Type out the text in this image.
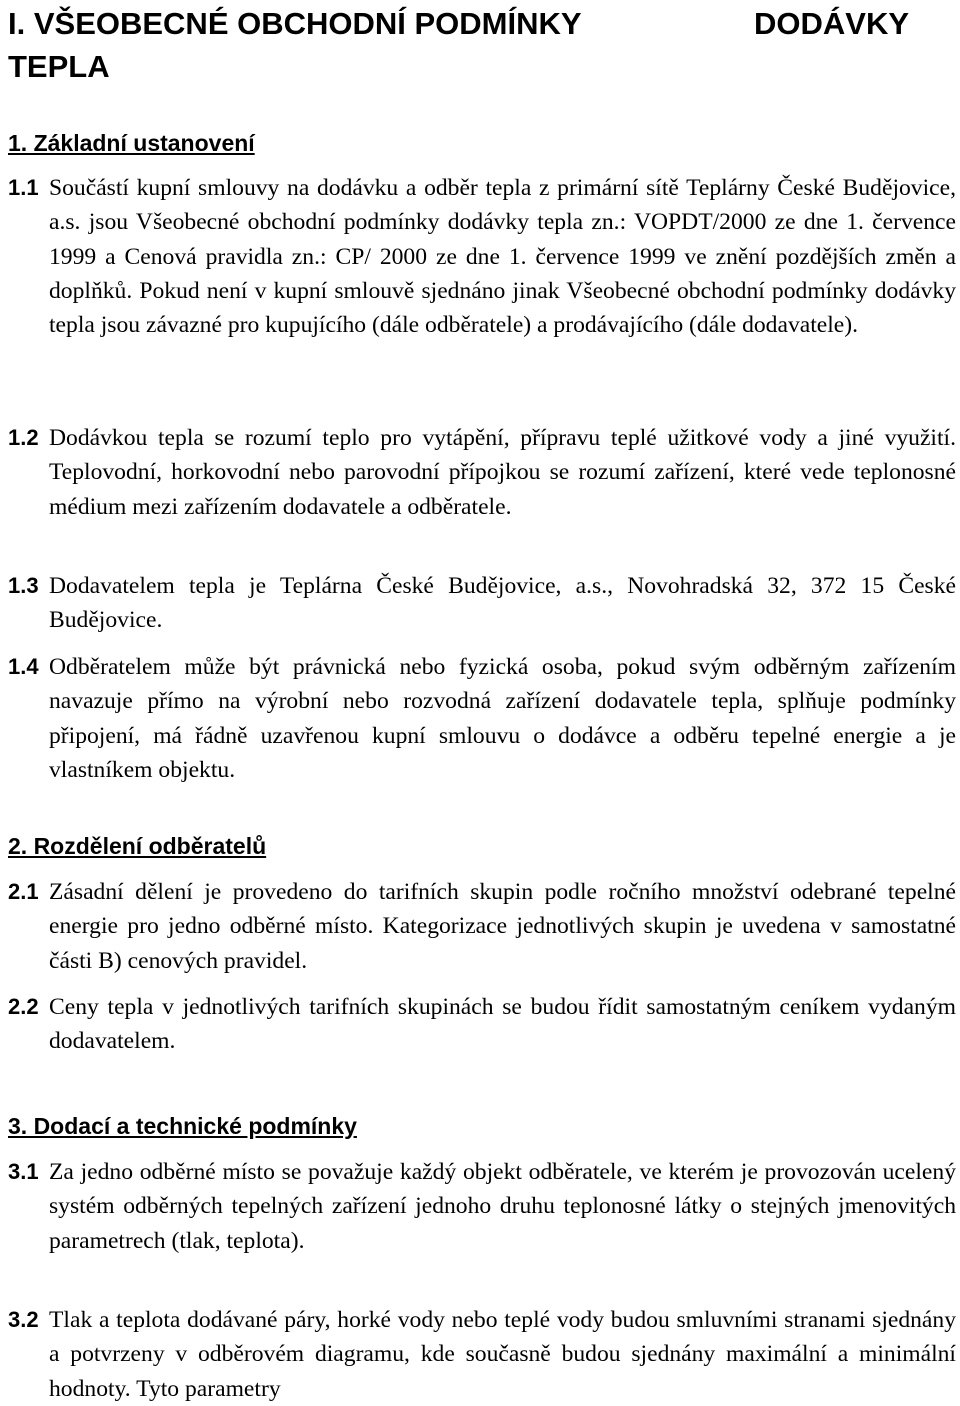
I. VŠEOBECNÉ OBCHODNÍ PODMÍNKY	DODÁVKY
TEPLA
1. Základní ustanovení
1.1 Součástí kupní smlouvy na dodávku a odběr tepla z primární sítě Teplárny České Budějovice, a.s. jsou Všeobecné obchodní podmínky dodávky tepla zn.: VOPDT/2000 ze dne 1. července 1999 a Cenová pravidla zn.: CP/ 2000 ze dne 1. července 1999 ve znění pozdějších změn a doplňků. Pokud není v kupní smlouvě sjednáno jinak Všeobecné obchodní podmínky dodávky tepla jsou závazné pro kupujícího (dále odběratele) a prodávajícího (dále dodavatele).
1.2 Dodávkou tepla se rozumí teplo pro vytápění, přípravu teplé užitkové vody a jiné využití. Teplovodní, horkovodní nebo parovodní přípojkou se rozumí zařízení, které vede teplonosné médium mezi zařízením dodavatele a odběratele.
1.3 Dodavatelem tepla je Teplárna České Budějovice, a.s., Novohradská 32, 372 15 České Budějovice.
1.4 Odběratelem může být právnická nebo fyzická osoba, pokud svým odběrným zařízením navazuje přímo na výrobní nebo rozvodná zařízení dodavatele tepla, splňuje podmínky připojení, má řádně uzavřenou kupní smlouvu o dodávce a odběru tepelné energie a je vlastníkem objektu.
2. Rozdělení odběratelů
2.1 Zásadní dělení je provedeno do tarifních skupin podle ročního množství odebrané tepelné energie pro jedno odběrné místo. Kategorizace jednotlivých skupin je uvedena v samostatné části B) cenových pravidel.
2.2 Ceny tepla v jednotlivých tarifních skupinách se budou řídit samostatným ceníkem vydaným dodavatelem.
3. Dodací a technické podmínky
3.1 Za jedno odběrné místo se považuje každý objekt odběratele, ve kterém je provozován ucelený systém odběrných tepelných zařízení jednoho druhu teplonosné látky o stejných jmenovitých parametrech (tlak, teplota).
3.2 Tlak a teplota dodávané páry, horké vody nebo teplé vody budou smluvními stranami sjednány a potvrzeny v odběrovém diagramu, kde současně budou sjednány maximální a minimální hodnoty. Tyto parametry
